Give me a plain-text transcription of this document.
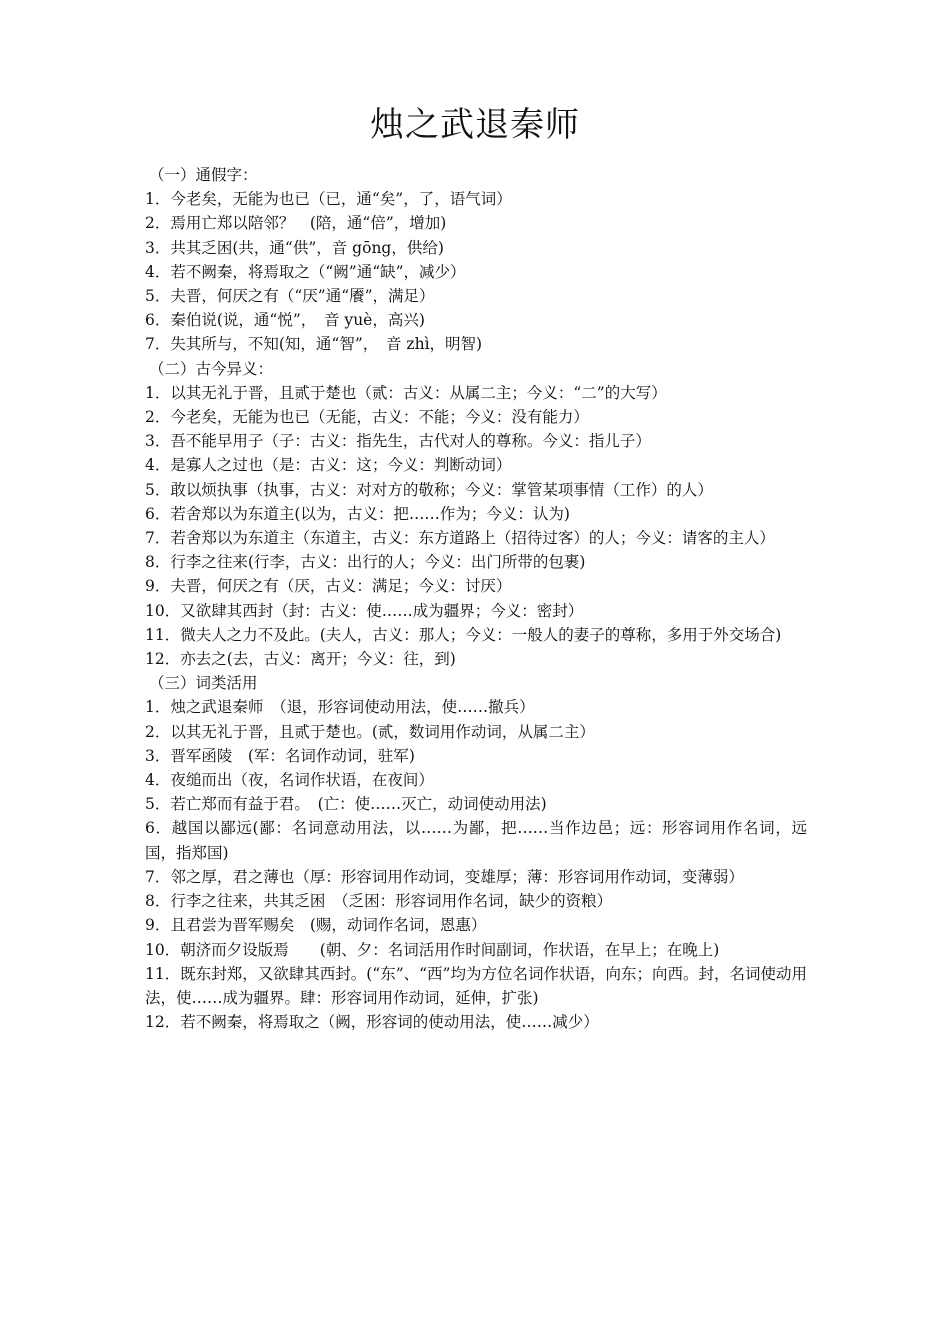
烛之武退秦师

（一）通假字：

1．今老矣，无能为也已（已，通“矣”，了，语气词）

2．焉用亡郑以陪邻？　(陪，通“倍”，增加)

3．共其乏困(共，通“供”，音 gōng，供给)

4．若不阙秦，将焉取之（“阙”通“缺”，减少）

5．夫晋，何厌之有（“厌”通“餍”，满足）

6．秦伯说(说，通“悦”，　音 yuè，高兴)

7．失其所与，不知(知，通“智”，　音 zhì，明智)

（二）古今异义：

1．以其无礼于晋，且贰于楚也（贰：古义：从属二主；今义：“二”的大写）

2．今老矣，无能为也已（无能，古义：不能；今义：没有能力）

3．吾不能早用子（子：古义：指先生，古代对人的尊称。今义：指儿子）

4．是寡人之过也（是：古义：这；今义：判断动词）

5．敢以烦执事（执事，古义：对对方的敬称；今义：掌管某项事情（工作）的人）

6．若舍郑以为东道主(以为，古义：把……作为；今义：认为)

7．若舍郑以为东道主（东道主，古义：东方道路上（招待过客）的人；今义：请客的主人）

8．行李之往来(行李，古义：出行的人；今义：出门所带的包裹)

9．夫晋，何厌之有（厌，古义：满足；今义：讨厌）

10．又欲肆其西封（封：古义：使……成为疆界；今义：密封）

11．微夫人之力不及此。(夫人，古义：那人；今义：一般人的妻子的尊称，多用于外交场合)

12．亦去之(去，古义：离开；今义：往，到)

（三）词类活用

1．烛之武退秦师　（退，形容词使动用法，使……撤兵）

2．以其无礼于晋，且贰于楚也。(贰，数词用作动词，从属二主）

3．晋军函陵　(军：名词作动词，驻军)

4．夜缒而出（夜，名词作状语，在夜间）

5．若亡郑而有益于君。　(亡：使……灭亡，动词使动用法)

6．越国以鄙远(鄙：名词意动用法，以……为鄙，把……当作边邑；远：形容词用作名词，远国，指郑国)

7．邻之厚，君之薄也（厚：形容词用作动词，变雄厚；薄：形容词用作动词，变薄弱）

8．行李之往来，共其乏困　（乏困：形容词用作名词，缺少的资粮）

9．且君尝为晋军赐矣　(赐，动词作名词，恩惠）

10．朝济而夕设版焉　　(朝、夕：名词活用作时间副词，作状语，在早上；在晚上)

11．既东封郑，又欲肆其西封。(“东”、“西”均为方位名词作状语，向东；向西。封，名词使动用法，使……成为疆界。肆：形容词用作动词，延伸，扩张)

12．若不阙秦，将焉取之（阙，形容词的使动用法，使……减少）
